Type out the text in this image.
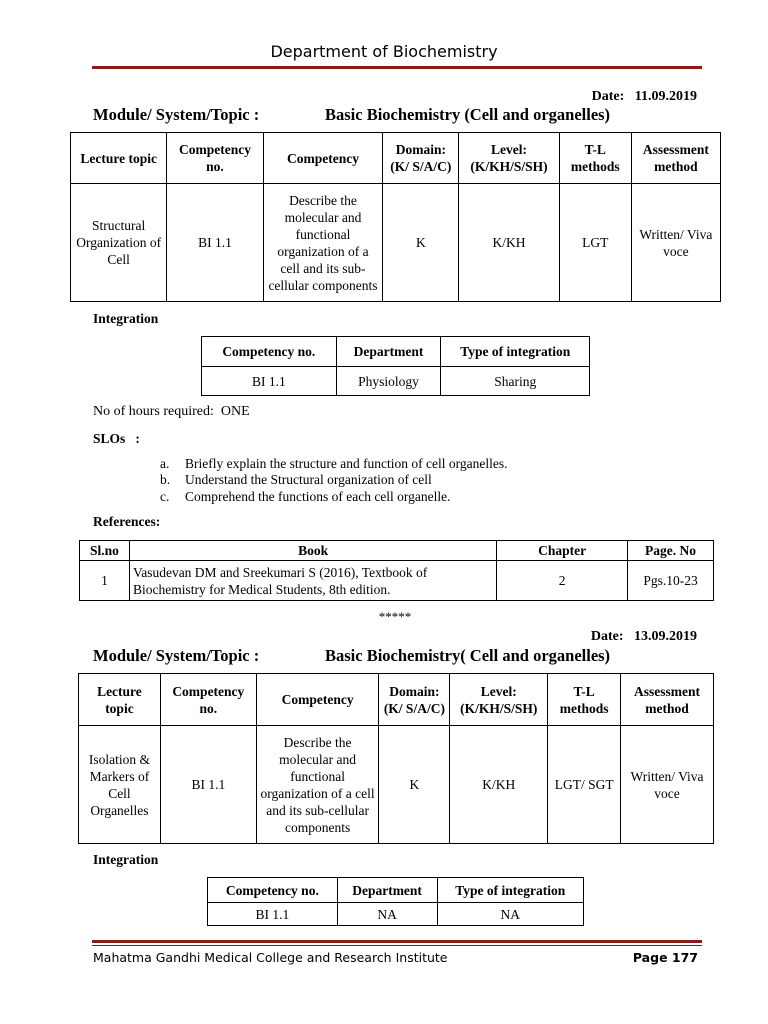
Department of Biochemistry
Date: 11.09.2019
Module/ System/Topic :	Basic Biochemistry (Cell and organelles)
Lecture topic	Competency no.	Competency	Domain: (K/ S/A/C)	Level: (K/KH/S/SH)	T-L methods	Assessment method
Structural Organization of Cell	BI 1.1	Describe the molecular and functional organization of a cell and its sub-cellular components	K	K/KH	LGT	Written/ Viva voce
Integration
Competency no.	Department	Type of integration
BI 1.1	Physiology	Sharing
No of hours required:  ONE
SLOs   :
a. Briefly explain the structure and function of cell organelles.
b. Understand the Structural organization of cell
c. Comprehend the functions of each cell organelle.
References:
Sl.no	Book	Chapter	Page. No
1	Vasudevan DM and Sreekumari S (2016), Textbook of Biochemistry for Medical Students, 8th edition.	2	Pgs.10-23
*****
Date: 13.09.2019
Module/ System/Topic :	Basic Biochemistry( Cell and organelles)
Lecture topic	Competency no.	Competency	Domain: (K/ S/A/C)	Level: (K/KH/S/SH)	T-L methods	Assessment method
Isolation & Markers of Cell Organelles	BI 1.1	Describe the molecular and functional organization of a cell and its sub-cellular components	K	K/KH	LGT/ SGT	Written/ Viva voce
Integration
Competency no.	Department	Type of integration
BI 1.1	NA	NA
Mahatma Gandhi Medical College and Research Institute	Page 177
